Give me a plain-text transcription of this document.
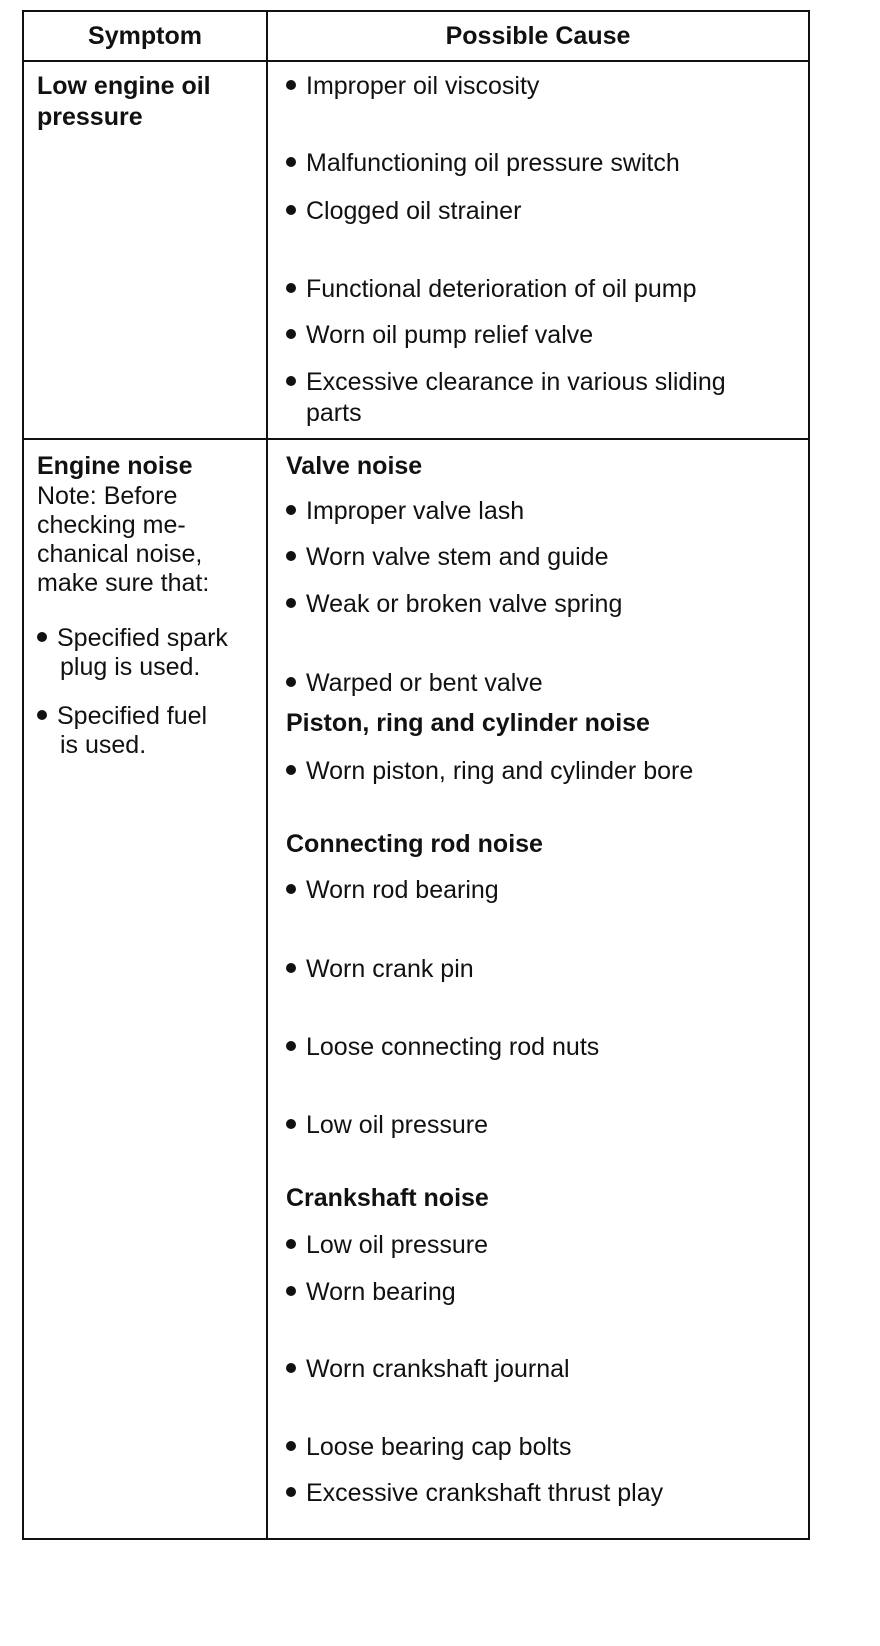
Symptom	Possible Cause
Low engine oil
pressure
Improper oil viscosity
Malfunctioning oil pressure switch
Clogged oil strainer
Functional deterioration of oil pump
Worn oil pump relief valve
Excessive clearance in various sliding
parts
Engine noise
Note: Before
checking me-
chanical noise,
make sure that:
Specified spark
plug is used.
Specified fuel
is used.
Valve noise
Improper valve lash
Worn valve stem and guide
Weak or broken valve spring
Warped or bent valve
Piston, ring and cylinder noise
Worn piston, ring and cylinder bore
Connecting rod noise
Worn rod bearing
Worn crank pin
Loose connecting rod nuts
Low oil pressure
Crankshaft noise
Low oil pressure
Worn bearing
Worn crankshaft journal
Loose bearing cap bolts
Excessive crankshaft thrust play
